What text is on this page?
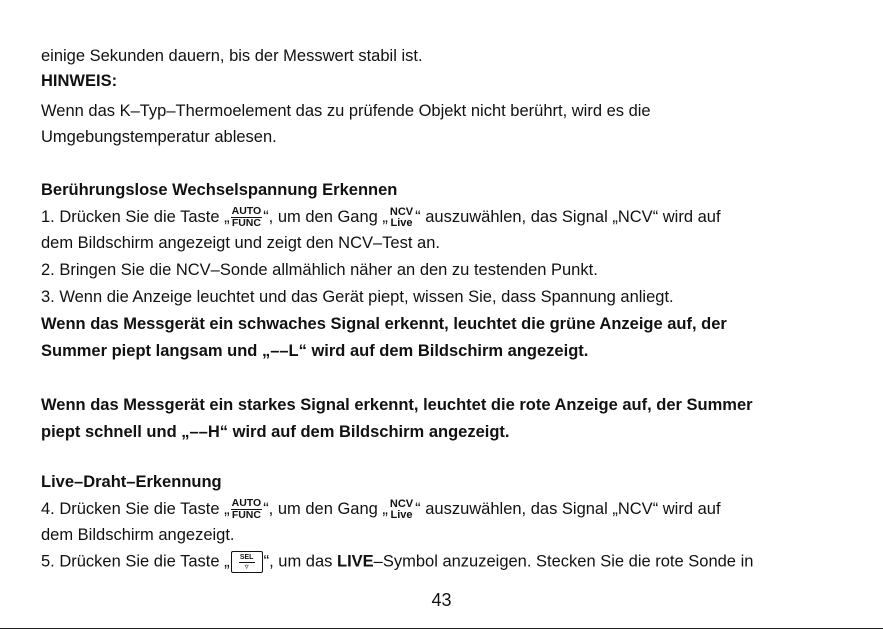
einige Sekunden dauern, bis der Messwert stabil ist.
HINWEIS:
Wenn das K–Typ–Thermoelement das zu prüfende Objekt nicht berührt, wird es die
Umgebungstemperatur ablesen.
Berührungslose Wechselspannung Erkennen
1. Drücken Sie die Taste „ $\frac{\text{AUTO}}{\text{FUNC}}$ “, um den Gang „ NCV
Live “ auszuwählen, das Signal „NCV“ wird auf
dem Bildschirm angezeigt und zeigt den NCV–Test an.
2. Bringen Sie die NCV–Sonde allmählich näher an den zu testenden Punkt.
3. Wenn die Anzeige leuchtet und das Gerät piept, wissen Sie, dass Spannung anliegt.
Wenn das Messgerät ein schwaches Signal erkennt, leuchtet die grüne Anzeige auf, der
Summer piept langsam und „––L“ wird auf dem Bildschirm angezeigt.
Wenn das Messgerät ein starkes Signal erkennt, leuchtet die rote Anzeige auf, der Summer
piept schnell und „––H“ wird auf dem Bildschirm angezeigt.
Live–Draht–Erkennung
4. Drücken Sie die Taste „ $\frac{\text{AUTO}}{\text{FUNC}}$ “, um den Gang „ NCV
Live “ auszuwählen, das Signal „NCV“ wird auf
dem Bildschirm angezeigt.
5. Drücken Sie die Taste „	SEL
▿ “, um das LIVE–Symbol anzuzeigen. Stecken Sie die rote Sonde in
43
